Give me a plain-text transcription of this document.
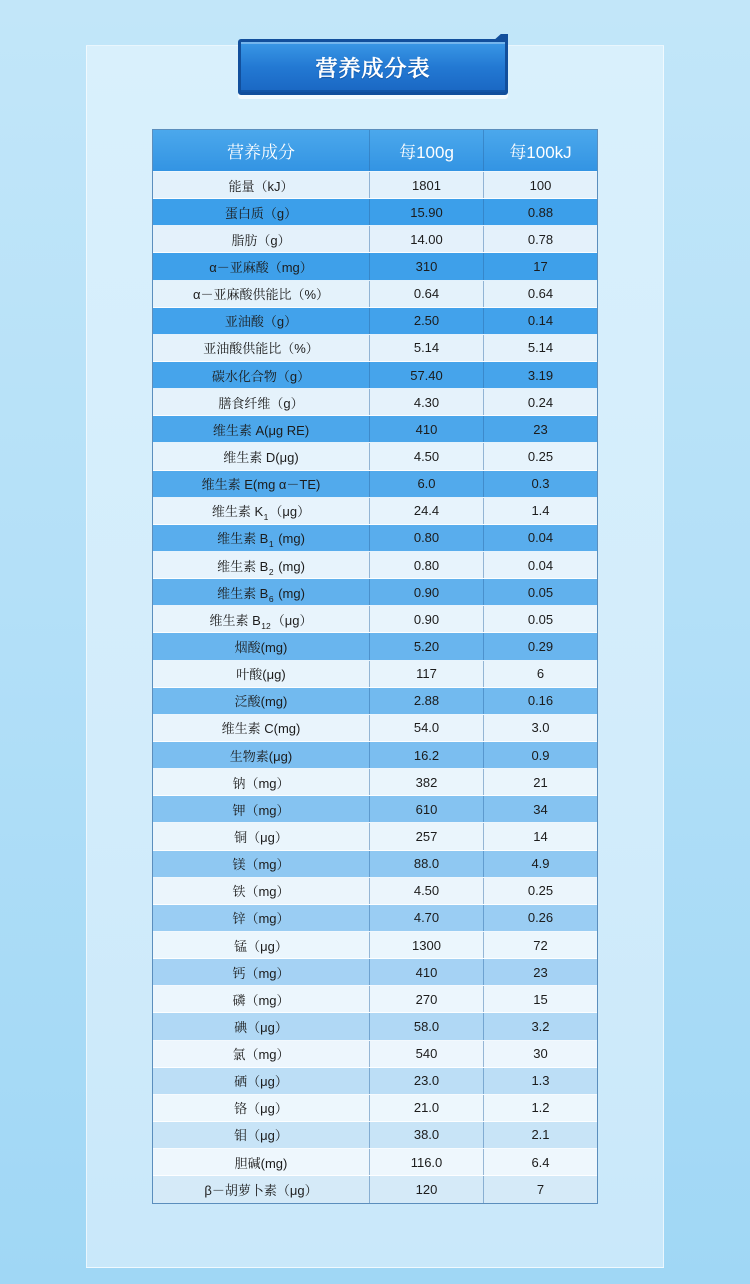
营养成分表
营养成分	每100g	每100kJ
能量（kJ）	1801	100
蛋白质（g）	15.90	0.88
脂肪（g）	14.00	0.78
α－亚麻酸（mg）	310	17
α－亚麻酸供能比（%）	0.64	0.64
亚油酸（g）	2.50	0.14
亚油酸供能比（%）	5.14	5.14
碳水化合物（g）	57.40	3.19
膳食纤维（g）	4.30	0.24
维生素 A(μg RE)	410	23
维生素 D(μg)	4.50	0.25
维生素 E(mg α－TE)	6.0	0.3
维生素 $K_1(\mu g)$	24.4	1.4
维生素 $B_1$ (mg)	0.80	0.04
维生素 $B_2$ (mg)	0.80	0.04
维生素 $B_6$ (mg)	0.90	0.05
维生素 $B_{12}(\mu g)$	0.90	0.05
烟酸(mg)	5.20	0.29
叶酸(μg)	117	6
泛酸(mg)	2.88	0.16
维生素 C(mg)	54.0	3.0
生物素(μg)	16.2	0.9
钠（mg）	382	21
钾（mg）	610	34
铜（μg）	257	14
镁（mg）	88.0	4.9
铁（mg）	4.50	0.25
锌（mg）	4.70	0.26
锰（μg）	1300	72
钙（mg）	410	23
磷（mg）	270	15
碘（μg）	58.0	3.2
氯（mg）	540	30
硒（μg）	23.0	1.3
铬（μg）	21.0	1.2
钼（μg）	38.0	2.1
胆碱(mg)	116.0	6.4
β－胡萝卜素（μg）	120	7
